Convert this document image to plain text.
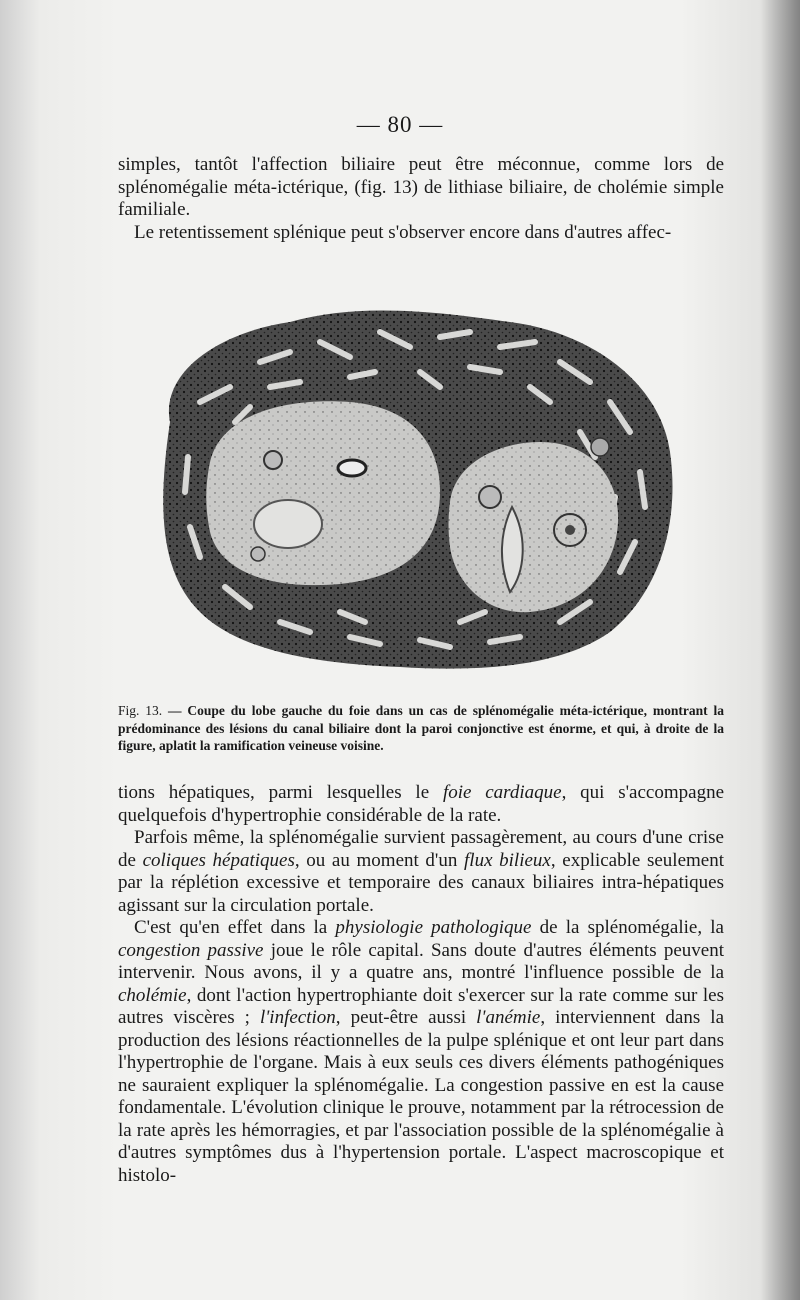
— 80 —

simples, tantôt l'affection biliaire peut être méconnue, comme lors de splénomégalie méta-ictérique, (fig. 13) de lithiase biliaire, de cholémie simple familiale.

Le retentissement splénique peut s'observer encore dans d'autres affec-

Fig. 13. — Coupe du lobe gauche du foie dans un cas de splénomégalie méta-ictérique, montrant la prédominance des lésions du canal biliaire dont la paroi conjonctive est énorme, et qui, à droite de la figure, aplatit la ramification veineuse voisine.

tions hépatiques, parmi lesquelles le foie cardiaque, qui s'accompagne quelquefois d'hypertrophie considérable de la rate.

Parfois même, la splénomégalie survient passagèrement, au cours d'une crise de coliques hépatiques, ou au moment d'un flux bilieux, explicable seulement par la réplétion excessive et temporaire des canaux biliaires intra-hépatiques agissant sur la circulation portale.

C'est qu'en effet dans la physiologie pathologique de la splénomégalie, la congestion passive joue le rôle capital. Sans doute d'autres éléments peuvent intervenir. Nous avons, il y a quatre ans, montré l'influence possible de la cholémie, dont l'action hypertrophiante doit s'exercer sur la rate comme sur les autres viscères ; l'infection, peut-être aussi l'anémie, interviennent dans la production des lésions réactionnelles de la pulpe splénique et ont leur part dans l'hypertrophie de l'organe. Mais à eux seuls ces divers éléments pathogéniques ne sauraient expliquer la splénomégalie. La congestion passive en est la cause fondamentale. L'évolution clinique le prouve, notamment par la rétrocession de la rate après les hémorragies, et par l'association possible de la splénomégalie à d'autres symptômes dus à l'hypertension portale. L'aspect macroscopique et histolo-
